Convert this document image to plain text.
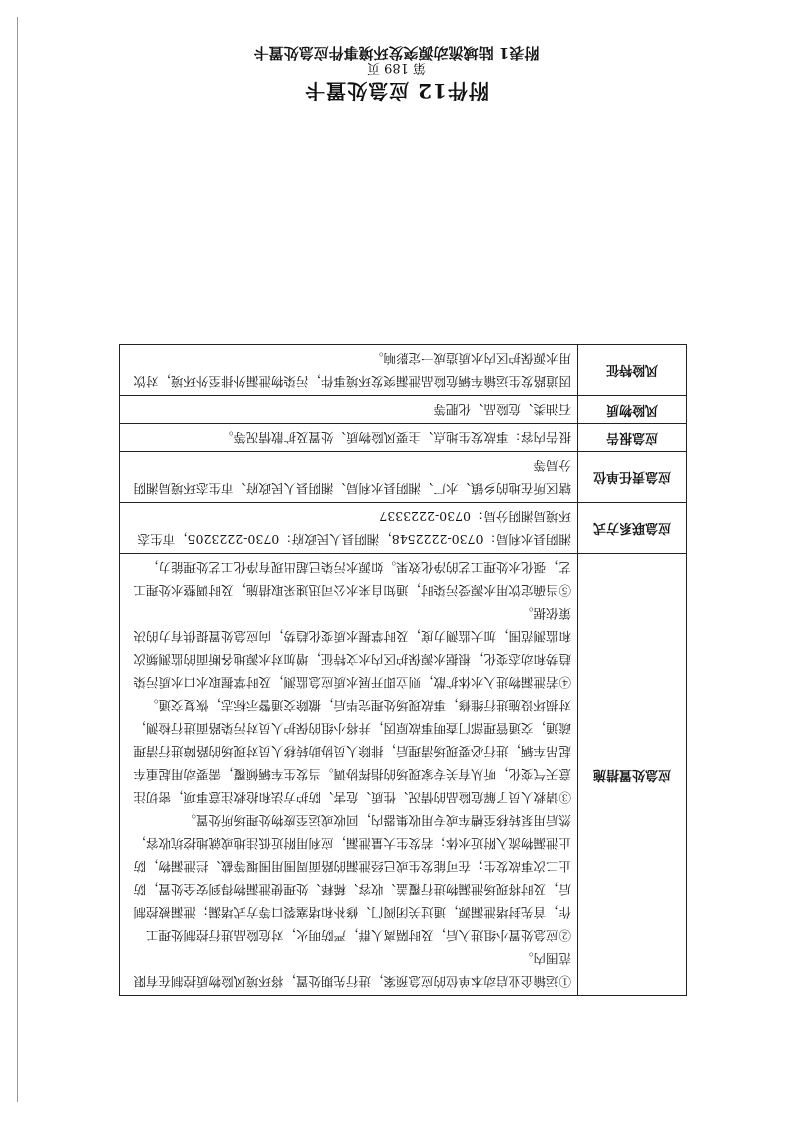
第 189 页
附件12 应急处置卡
附表1 陆域流动源突发环境事件应急处置卡
应急处置措施	①运输企业启动本单位的应急预案，进行先期处置，将环境风险物质控制在有限范围内。

②应急处置小组进入后，及时隔离人群，严防明火，对危险品进行控制处理工作，首先封堵泄漏源，通过关闭阀门、修补和堵塞裂口等方式堵漏；泄漏被控制后，及时将现场泄漏物进行覆盖、收容、稀释、处理使泄漏物得到安全处置，防止二次事故发生；在可能发生或已经泄漏的路面周围用围堰等截、拦泄漏物，防止泄漏物流入附近水体；若发生大量泄漏，应利用附近低洼地或就地挖坑收容，然后用泵转移至槽车或专用收集器内，回收或运至废物处理场所处置。

③请救人员了解危险品的情况、性质、危害、防护方法和抢救注意事项，密切注意天气变化，听从有关专家现场的指挥协调。当发生车辆倾覆，需要动用起重车起吊车辆，进行必要现场清理后，排除人员协助转移人员对现场的路障进行清理疏通，交通管理部门查明事故原因，并将小组的保护人员对污染路面进行检测，对损坏设施进行维修，事故现场处理完毕后，撤除交通警示标志，恢复交通。

④若泄漏物进入水体扩散，则立即开展水质应急监测，及时掌握取水口水质污染趋势和动态变化，根据水源保护区内水文特征，增加对水源地各断面的监测频次和监测范围，加大监测力度，及时掌握水质变化趋势，向应急处置提供有力的决策依据。

⑤当确定饮用水源受污染时，通知自来水公司迅速采取措施，及时调整水处理工艺，强化水处理工艺的净化效果。如源水污染已超出现有净化工艺处理能力，

应急联系方式	湘阴县水利局：0730-2222548，湘阴县人民政府：0730-2223205，市生态环境局湘阴分局：0730-2223337
应急责任单位	辖区所在地的乡镇、水厂、湘阴县水利局、湘阴县人民政府、市生态环境局湘阴分局等
应急报告	报告内容：事故发生地点、主要风险物质、处置及扩散情况等。
风险物质	石油类、危险品、化肥等
风险特征	因道路发生运输车辆危险品泄漏突发环境事件，污染物泄漏外排至外环境，对饮用水源保护区内水质造成一定影响。
